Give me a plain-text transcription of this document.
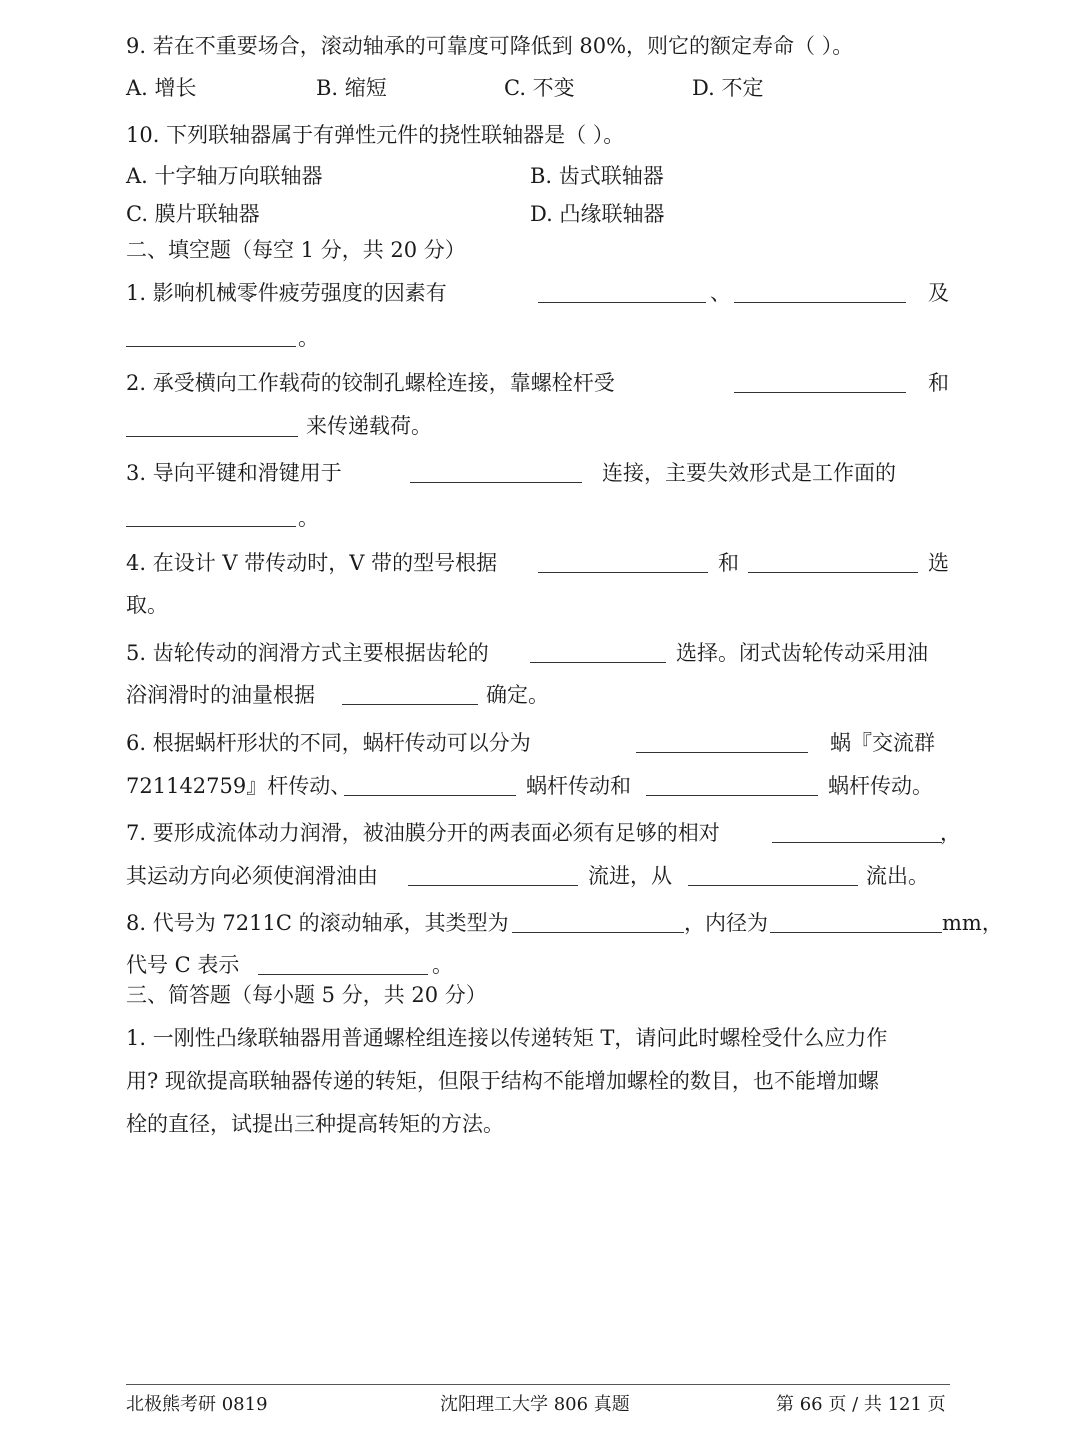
9. 若在不重要场合，滚动轴承的可靠度可降低到 80%，则它的额定寿命（ ）。
A. 增长	B. 缩短	C. 不变	D. 不定
10. 下列联轴器属于有弹性元件的挠性联轴器是（ ）。
A. 十字轴万向联轴器	B. 齿式联轴器
C. 膜片联轴器	D. 凸缘联轴器
二、填空题（每空 1 分，共 20 分）
1. 影响机械零件疲劳强度的因素有	、	及
。
2. 承受横向工作载荷的铰制孔螺栓连接，靠螺栓杆受	和
来传递载荷。
3. 导向平键和滑键用于	连接，主要失效形式是工作面的
。
4. 在设计 V 带传动时，V 带的型号根据	和	选
取。
5. 齿轮传动的润滑方式主要根据齿轮的	选择。闭式齿轮传动采用油
浴润滑时的油量根据	确定。
6. 根据蜗杆形状的不同，蜗杆传动可以分为	蜗『交流群
721142759』杆传动、	蜗杆传动和	蜗杆传动。
7. 要形成流体动力润滑，被油膜分开的两表面必须有足够的相对	，
其运动方向必须使润滑油由	流进，从	流出。
8. 代号为 7211C 的滚动轴承，其类型为	，内径为	mm，
代号 C 表示	。
三、简答题（每小题 5 分，共 20 分）
1. 一刚性凸缘联轴器用普通螺栓组连接以传递转矩 T，请问此时螺栓受什么应力作
用? 现欲提高联轴器传递的转矩，但限于结构不能增加螺栓的数目，也不能增加螺
栓的直径，试提出三种提高转矩的方法。
北极熊考研 0819	沈阳理工大学 806 真题	第 66 页 / 共 121 页
